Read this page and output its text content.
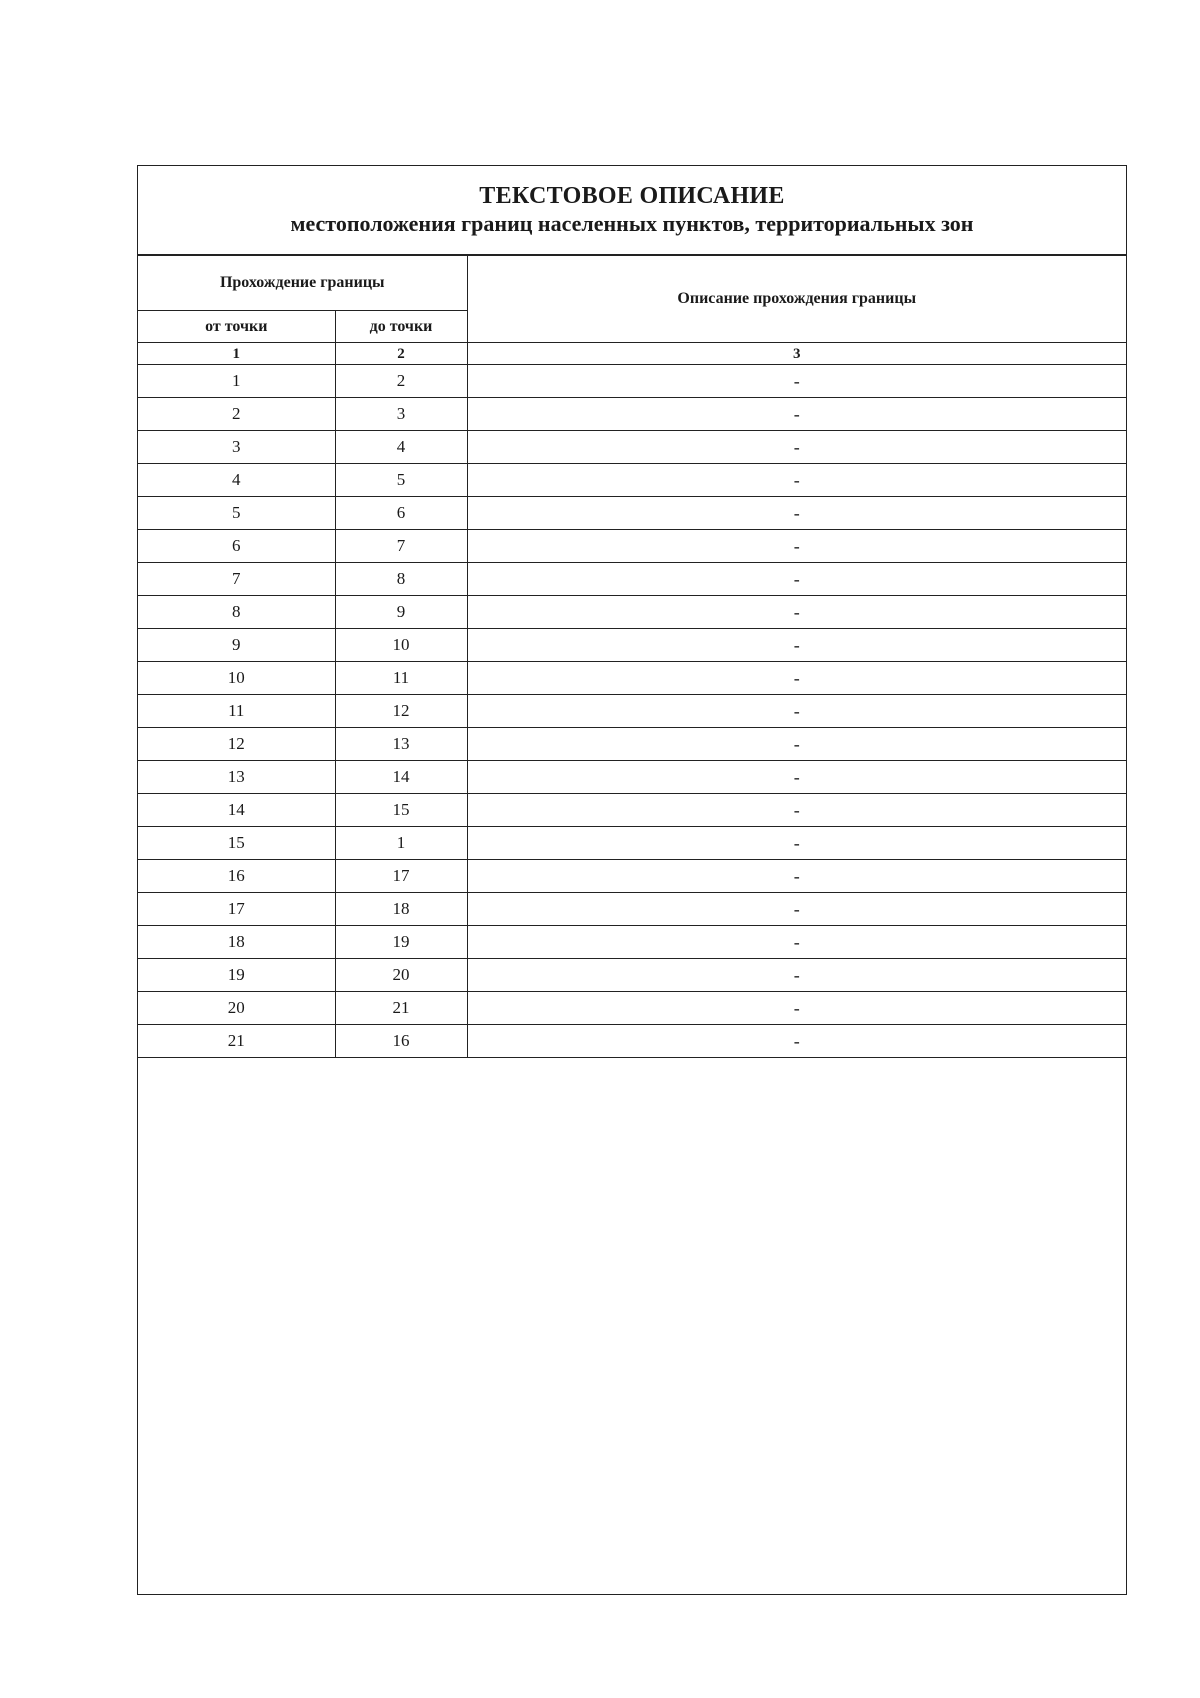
ТЕКСТОВОЕ ОПИСАНИЕ
местоположения границ населенных пунктов, территориальных зон
Прохождение границы		Описание прохождения границы
от точки	до точки	
1	2	3
1	2	-
2	3	-
3	4	-
4	5	-
5	6	-
6	7	-
7	8	-
8	9	-
9	10	-
10	11	-
11	12	-
12	13	-
13	14	-
14	15	-
15	1	-
16	17	-
17	18	-
18	19	-
19	20	-
20	21	-
21	16	-
